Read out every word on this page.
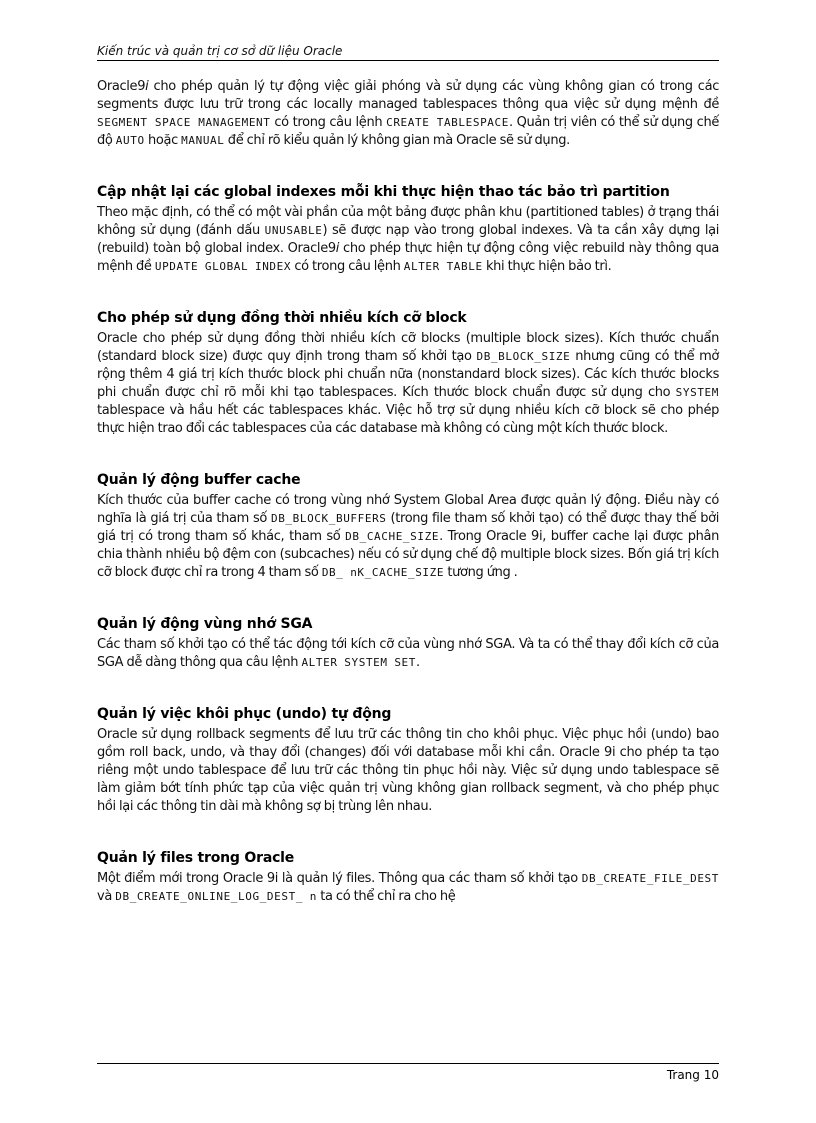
Kiến trúc và quản trị cơ sở dữ liệu Oracle

Oracle9i cho phép quản lý tự động việc giải phóng và sử dụng các vùng không gian có trong các segments được lưu trữ trong các locally managed tablespaces thông qua việc sử dụng mệnh đề SEGMENT SPACE MANAGEMENT có trong câu lệnh CREATE TABLESPACE. Quản trị viên có thể sử dụng chế độ AUTO hoặc MANUAL để chỉ rõ kiểu quản lý không gian mà Oracle sẽ sử dụng.

Cập nhật lại các global indexes mỗi khi thực hiện thao tác bảo trì partition

Theo mặc định, có thể có một vài phần của một bảng được phân khu (partitioned tables) ở trạng thái không sử dụng (đánh dấu UNUSABLE) sẽ được nạp vào trong global indexes. Và ta cần xây dựng lại (rebuild) toàn bộ global index. Oracle9i cho phép thực hiện tự động công việc rebuild này thông qua mệnh đề UPDATE GLOBAL INDEX có trong câu lệnh ALTER TABLE khi thực hiện bảo trì.

Cho phép sử dụng đồng thời nhiều kích cỡ block

Oracle cho phép sử dụng đồng thời nhiều kích cỡ blocks (multiple block sizes). Kích thước chuẩn (standard block size) được quy định trong tham số khởi tạo DB_BLOCK_SIZE nhưng cũng có thể mở rộng thêm 4 giá trị kích thước block phi chuẩn nữa (nonstandard block sizes). Các kích thước blocks phi chuẩn được chỉ rõ mỗi khi tạo tablespaces. Kích thước block chuẩn được sử dụng cho SYSTEM tablespace và hầu hết các tablespaces khác. Việc hỗ trợ sử dụng nhiều kích cỡ block sẽ cho phép thực hiện trao đổi các tablespaces của các database mà không có cùng một kích thước block.

Quản lý động buffer cache

Kích thước của buffer cache có trong vùng nhớ System Global Area được quản lý động. Điều này có nghĩa là giá trị của tham số DB_BLOCK_BUFFERS (trong file tham số khởi tạo) có thể được thay thế bởi giá trị có trong tham số khác, tham số DB_CACHE_SIZE. Trong Oracle 9i, buffer cache lại được phân chia thành nhiều bộ đệm con (subcaches) nếu có sử dụng chế độ multiple block sizes. Bốn giá trị kích cỡ block được chỉ ra trong 4 tham số DB_ nK_CACHE_SIZE tương ứng .

Quản lý động vùng nhớ SGA

Các tham số khởi tạo có thể tác động tới kích cỡ của vùng nhớ SGA. Và ta có thể thay đổi kích cỡ của SGA dễ dàng thông qua câu lệnh ALTER SYSTEM SET.

Quản lý việc khôi phục (undo) tự động

Oracle sử dụng rollback segments để lưu trữ các thông tin cho khôi phục. Việc phục hồi (undo) bao gồm roll back, undo, và thay đổi (changes) đối với database mỗi khi cần. Oracle 9i cho phép ta tạo riêng một undo tablespace để lưu trữ các thông tin phục hồi này. Việc sử dụng undo tablespace sẽ làm giảm bớt tính phức tạp của việc quản trị vùng không gian rollback segment, và cho phép phục hồi lại các thông tin dài mà không sợ bị trùng lên nhau.

Quản lý files trong Oracle

Một điểm mới trong Oracle 9i là quản lý files. Thông qua các tham số khởi tạo DB_CREATE_FILE_DEST và DB_CREATE_ONLINE_LOG_DEST_ n ta có thể chỉ ra cho hệ

Trang 10
